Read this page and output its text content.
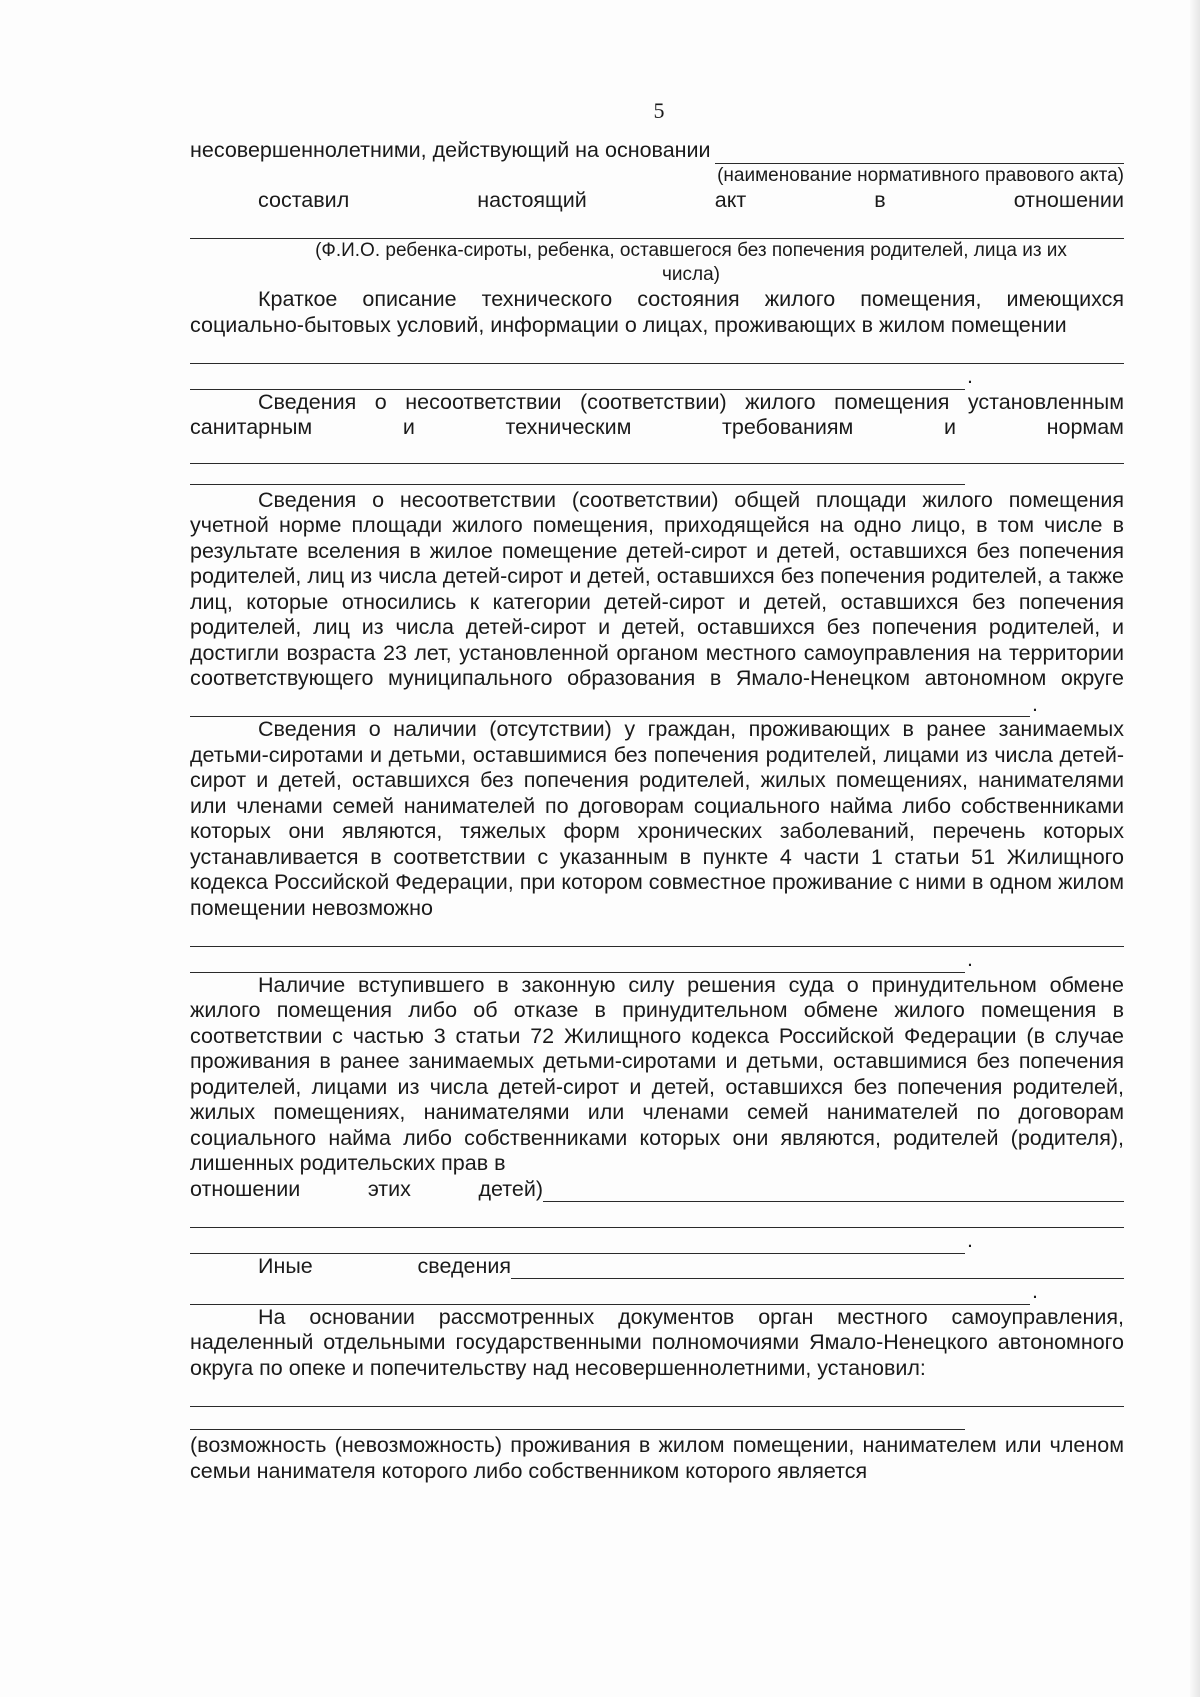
5
несовершеннолетними, действующий на основании
(наименование нормативного правового акта)
составил	настоящий	акт	в	отношении
(Ф.И.О. ребенка-сироты, ребенка, оставшегося без попечения родителей, лица из их
числа)
Краткое описание технического состояния жилого помещения, имеющихся социально-бытовых условий, информации о лицах, проживающих в жилом помещении
.
Сведения о несоответствии (соответствии) жилого помещения установленным
санитарным	и	техническим	требованиям	и	нормам
Сведения о несоответствии (соответствии) общей площади жилого помещения учетной норме площади жилого помещения, приходящейся на одно лицо, в том числе в результате вселения в жилое помещение детей-сирот и детей, оставшихся без попечения родителей, лиц из числа детей-сирот и детей, оставшихся без попечения родителей, а также лиц, которые относились к категории детей-сирот и детей, оставшихся без попечения родителей, лиц из числа детей-сирот и детей, оставшихся без попечения родителей, и достигли возраста 23 лет, установленной органом местного самоуправления на территории соответствующего муниципального образования в Ямало-Ненецком автономном округе
.
Сведения о наличии (отсутствии) у граждан, проживающих в ранее занимаемых детьми-сиротами и детьми, оставшимися без попечения родителей, лицами из числа детей-сирот и детей, оставшихся без попечения родителей, жилых помещениях, нанимателями или членами семей нанимателей по договорам социального найма либо собственниками которых они являются, тяжелых форм хронических заболеваний, перечень которых устанавливается в соответствии с указанным в пункте 4 части 1 статьи 51 Жилищного кодекса Российской Федерации, при котором совместное проживание с ними в одном жилом помещении невозможно
.
Наличие вступившего в законную силу решения суда о принудительном обмене жилого помещения либо об отказе в принудительном обмене жилого помещения в соответствии с частью 3 статьи 72 Жилищного кодекса Российской Федерации (в случае проживания в ранее занимаемых детьми-сиротами и детьми, оставшимися без попечения родителей, лицами из числа детей-сирот и детей, оставшихся без попечения родителей, жилых помещениях, нанимателями или членами семей нанимателей по договорам социального найма либо собственниками которых они являются, родителей (родителя), лишенных родительских прав в
отношении	этих	детей)
.
Иные	сведения
.
На основании рассмотренных документов орган местного самоуправления, наделенный отдельными государственными полномочиями Ямало-Ненецкого автономного округа по опеке и попечительству над несовершеннолетними, установил:
(возможность (невозможность) проживания в жилом помещении, нанимателем или членом семьи нанимателя которого либо собственником которого является
